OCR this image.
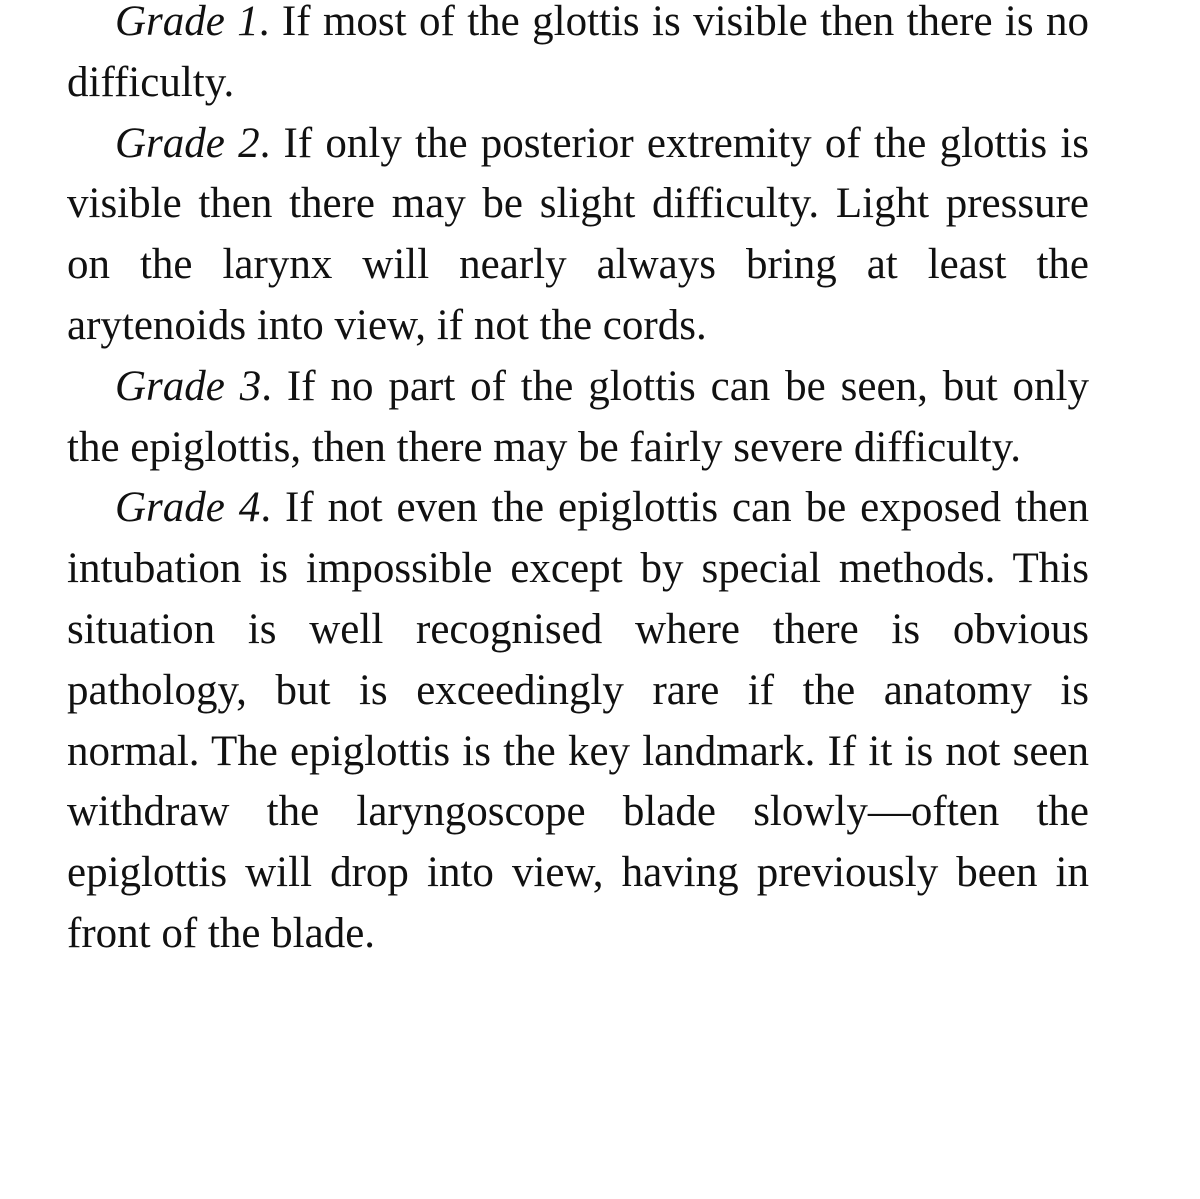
Grade 1. If most of the glottis is visible then there is no difficulty.

Grade 2. If only the posterior extremity of the glottis is visible then there may be slight difficulty. Light pressure on the larynx will nearly always bring at least the arytenoids into view, if not the cords.

Grade 3. If no part of the glottis can be seen, but only the epiglottis, then there may be fairly severe difficulty.

Grade 4. If not even the epiglottis can be exposed then intubation is impossible except by special methods. This situation is well recognised where there is obvious pathology, but is exceedingly rare if the anatomy is normal. The epiglottis is the key landmark. If it is not seen withdraw the laryngoscope blade slowly—often the epiglottis will drop into view, having previously been in front of the blade.
